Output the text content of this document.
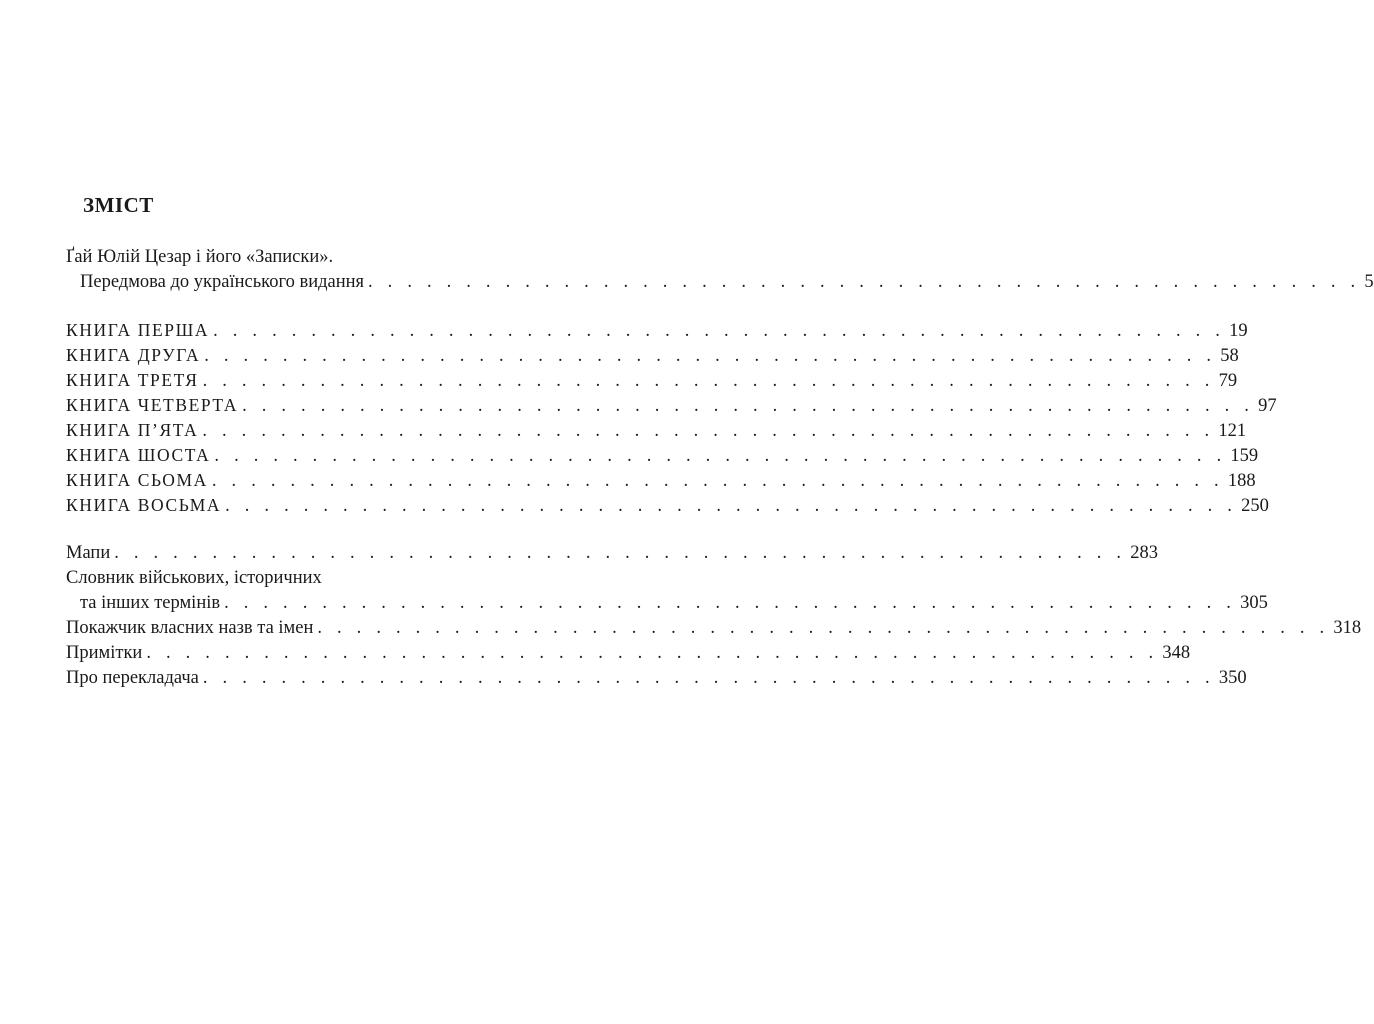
ЗМІСТ
Ґай Юлій Цезар і його «Записки».
Передмова до українського видання . . . . . . . . . . . . . . . . . . . . . . . . . . . . . . . . . . . . . . . . . . . . . . . . . . . 5
КНИГА ПЕРША . . . . . . . . . . . . . . . . . . . . . . . . . . . . . . . . . . . . . . . . . . . . . . . . . . . . 19
КНИГА ДРУГА . . . . . . . . . . . . . . . . . . . . . . . . . . . . . . . . . . . . . . . . . . . . . . . . . . . . 58
КНИГА ТРЕТЯ . . . . . . . . . . . . . . . . . . . . . . . . . . . . . . . . . . . . . . . . . . . . . . . . . . . . 79
КНИГА ЧЕТВЕРТА . . . . . . . . . . . . . . . . . . . . . . . . . . . . . . . . . . . . . . . . . . . . . . . . . . . . 97
КНИГА П’ЯТА . . . . . . . . . . . . . . . . . . . . . . . . . . . . . . . . . . . . . . . . . . . . . . . . . . . . 121
КНИГА ШОСТА . . . . . . . . . . . . . . . . . . . . . . . . . . . . . . . . . . . . . . . . . . . . . . . . . . . . 159
КНИГА СЬОМА . . . . . . . . . . . . . . . . . . . . . . . . . . . . . . . . . . . . . . . . . . . . . . . . . . . . 188
КНИГА ВОСЬМА . . . . . . . . . . . . . . . . . . . . . . . . . . . . . . . . . . . . . . . . . . . . . . . . . . . . 250
Мапи . . . . . . . . . . . . . . . . . . . . . . . . . . . . . . . . . . . . . . . . . . . . . . . . . . . . 283
Словник військових, історичних
та інших термінів . . . . . . . . . . . . . . . . . . . . . . . . . . . . . . . . . . . . . . . . . . . . . . . . . . . . 305
Покажчик власних назв та імен . . . . . . . . . . . . . . . . . . . . . . . . . . . . . . . . . . . . . . . . . . . . . . . . . . . . 318
Примітки . . . . . . . . . . . . . . . . . . . . . . . . . . . . . . . . . . . . . . . . . . . . . . . . . . . . 348
Про перекладача . . . . . . . . . . . . . . . . . . . . . . . . . . . . . . . . . . . . . . . . . . . . . . . . . . . . 350
